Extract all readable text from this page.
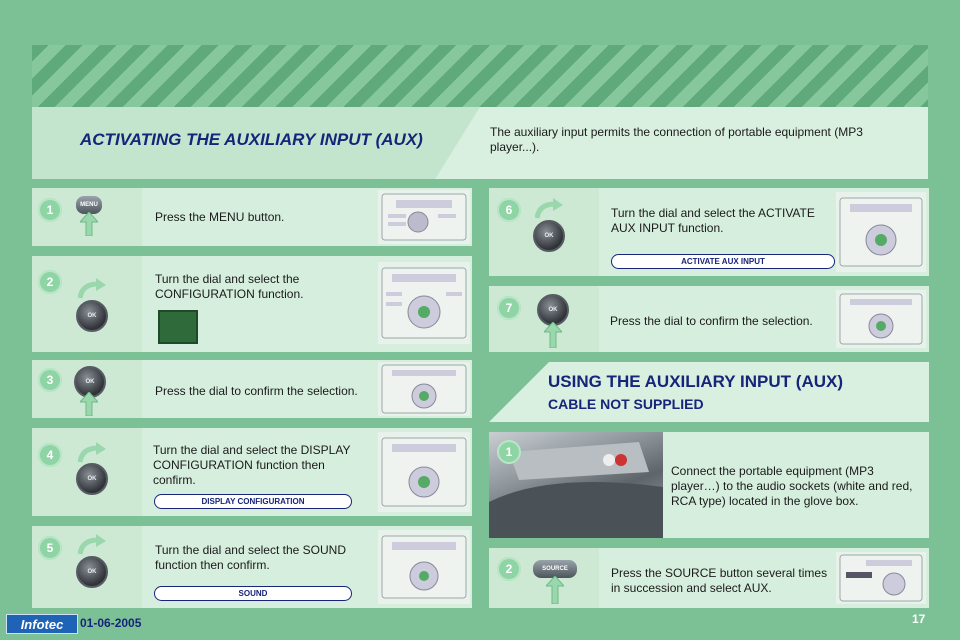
ACTIVATING THE AUXILIARY INPUT (AUX)	The auxiliary input permits the connection of portable equipment (MP3 player...).
1	MENU
Press the MENU button.
2
OK
Turn the dial and select the CONFIGURATION function.
3	OK
Press the dial to confirm the selection.
4
OK
Turn the dial and select the DISPLAY CONFIGURATION function then confirm.
DISPLAY CONFIGURATION
5
OK
Turn the dial and select the SOUND function then confirm.
SOUND
6
OK
Turn the dial and select the ACTIVATE AUX INPUT function.
ACTIVATE AUX INPUT
7	OK
Press the dial to confirm the selection.
USING THE AUXILIARY INPUT (AUX)
CABLE NOT SUPPLIED
1
Connect the portable equipment (MP3 player…) to the audio sockets (white and red, RCA type) located in the glove box.
2	SOURCE	Press the SOURCE button several times in succession and select AUX.
Infotec	01-06-2005	17
